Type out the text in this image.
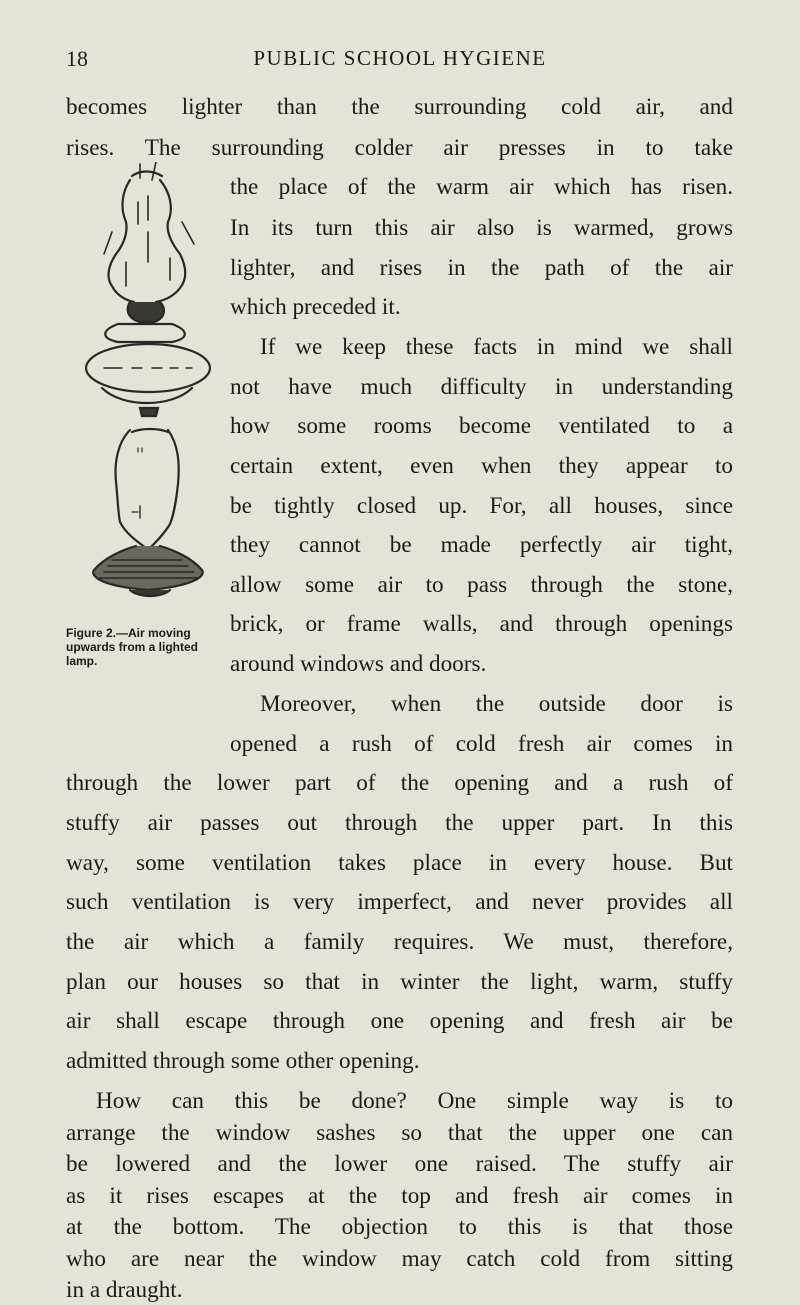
18	PUBLIC SCHOOL HYGIENE
Figure 2.—Air moving upwards from a lighted lamp.
becomes lighter than the surrounding cold air, and
rises. The surrounding colder air presses in to take
the place of the warm air which has risen.
In its turn this air also is warmed, grows
lighter, and rises in the path of the air
which preceded it.
If we keep these facts in mind we shall
not have much difficulty in understanding
how some rooms become ventilated to a
certain extent, even when they appear to
be tightly closed up. For, all houses, since
they cannot be made perfectly air tight,
allow some air to pass through the stone,
brick, or frame walls, and through openings
around windows and doors.
Moreover, when the outside door is
opened a rush of cold fresh air comes in
through the lower part of the opening and a rush of
stuffy air passes out through the upper part. In this
way, some ventilation takes place in every house. But
such ventilation is very imperfect, and never provides all
the air which a family requires. We must, therefore,
plan our houses so that in winter the light, warm, stuffy
air shall escape through one opening and fresh air be
admitted through some other opening.
How can this be done? One simple way is to
arrange the window sashes so that the upper one can
be lowered and the lower one raised. The stuffy air
as it rises escapes at the top and fresh air comes in
at the bottom. The objection to this is that those
who are near the window may catch cold from sitting
in a draught.
